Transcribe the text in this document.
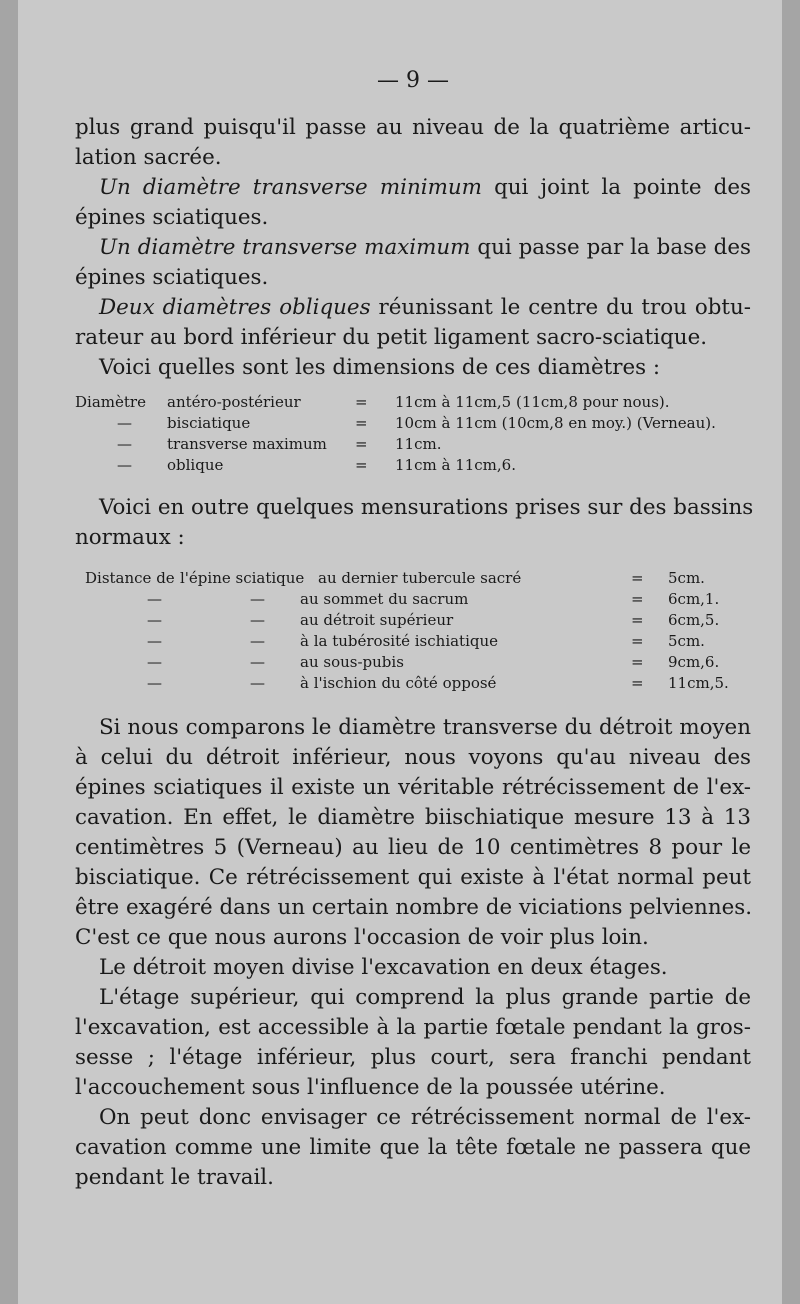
— 9 —
plus grand puisqu'il passe au niveau de la quatrième articu-
lation sacrée.
Un diamètre transverse minimum qui joint la pointe des
épines sciatiques.
Un diamètre transverse maximum qui passe par la base des
épines sciatiques.
Deux diamètres obliques réunissant le centre du trou obtu-
rateur au bord inférieur du petit ligament sacro-sciatique.
Voici quelles sont les dimensions de ces diamètres :
Diamètre antéro-postérieur	= 11cm à 11cm,5 (11cm,8 pour nous).
— bisciatique	= 10cm à 11cm (10cm,8 en moy.) (Verneau).
— transverse maximum = 11cm.
— oblique	= 11cm à 11cm,6.
Voici en outre quelques mensurations prises sur des bassins
normaux :
Distance de l'épine sciatique au dernier tubercule sacré	= 5cm.
—	— au sommet du sacrum	= 6cm,1.
—	— au détroit supérieur	= 6cm,5.
—	— à la tubérosité ischiatique	= 5cm.
—	— au sous-pubis	= 9cm,6.
—	— à l'ischion du côté opposé	= 11cm,5.
Si nous comparons le diamètre transverse du détroit moyen
à celui du détroit inférieur, nous voyons qu'au niveau des
épines sciatiques il existe un véritable rétrécissement de l'ex-
cavation. En effet, le diamètre biischiatique mesure 13 à 13
centimètres 5 (Verneau) au lieu de 10 centimètres 8 pour le
bisciatique. Ce rétrécissement qui existe à l'état normal peut
être exagéré dans un certain nombre de viciations pelviennes.
C'est ce que nous aurons l'occasion de voir plus loin.
Le détroit moyen divise l'excavation en deux étages.
L'étage supérieur, qui comprend la plus grande partie de
l'excavation, est accessible à la partie fœtale pendant la gros-
sesse ; l'étage inférieur, plus court, sera franchi pendant
l'accouchement sous l'influence de la poussée utérine.
On peut donc envisager ce rétrécissement normal de l'ex-
cavation comme une limite que la tête fœtale ne passera que
pendant le travail.
